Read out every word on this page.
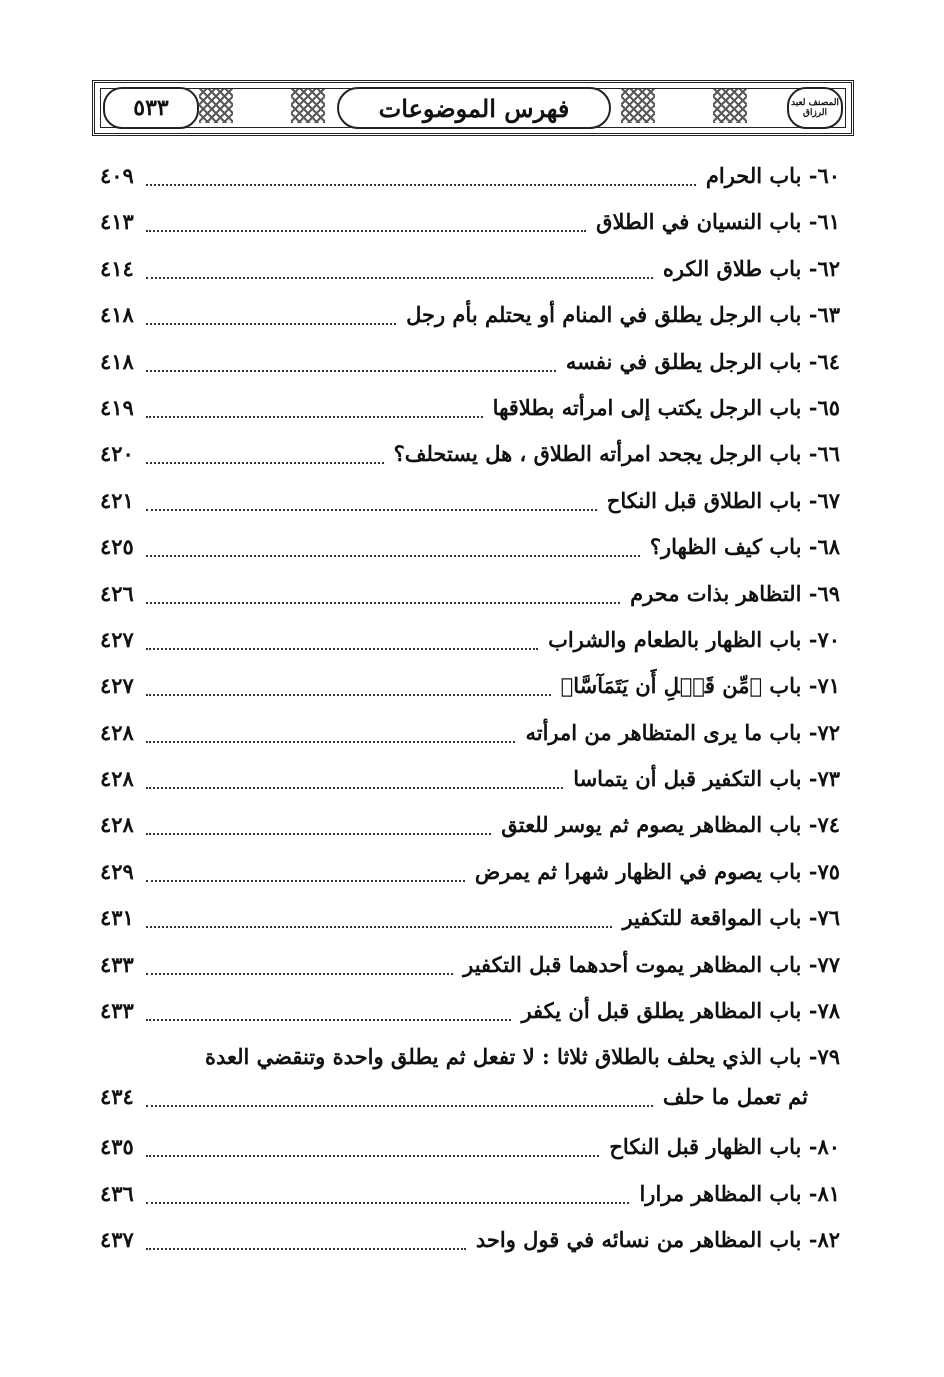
٥٣٣	فهرس الموضوعات	المصنف لعبد الرزاق
٦٠- باب الحرام
٤٠٩
٦١- باب النسيان في الطلاق
٤١٣
٦٢- باب طلاق الكره
٤١٤
٦٣- باب الرجل يطلق في المنام أو يحتلم بأم رجل
٤١٨
٦٤- باب الرجل يطلق في نفسه
٤١٨
٦٥- باب الرجل يكتب إلى امرأته بطلاقها
٤١٩
٦٦- باب الرجل يجحد امرأته الطلاق ، هل يستحلف؟
٤٢٠
٦٧- باب الطلاق قبل النكاح
٤٢١
٦٨- باب كيف الظهار؟
٤٢٥
٦٩- التظاهر بذات محرم
٤٢٦
٧٠- باب الظهار بالطعام والشراب
٤٢٧
٧١- باب ﴿مِّن قَبۡلِ أَن يَتَمَآسَّا﴾
٤٢٧
٧٢- باب ما يرى المتظاهر من امرأته
٤٢٨
٧٣- باب التكفير قبل أن يتماسا
٤٢٨
٧٤- باب المظاهر يصوم ثم يوسر للعتق
٤٢٨
٧٥- باب يصوم في الظهار شهرا ثم يمرض
٤٢٩
٧٦- باب المواقعة للتكفير
٤٣١
٧٧- باب المظاهر يموت أحدهما قبل التكفير
٤٣٣
٧٨- باب المظاهر يطلق قبل أن يكفر
٤٣٣
٧٩- باب الذي يحلف بالطلاق ثلاثا : لا تفعل ثم يطلق واحدة وتنقضي العدة
ثم تعمل ما حلف
٤٣٤
٨٠- باب الظهار قبل النكاح
٤٣٥
٨١- باب المظاهر مرارا
٤٣٦
٨٢- باب المظاهر من نسائه في قول واحد
٤٣٧
